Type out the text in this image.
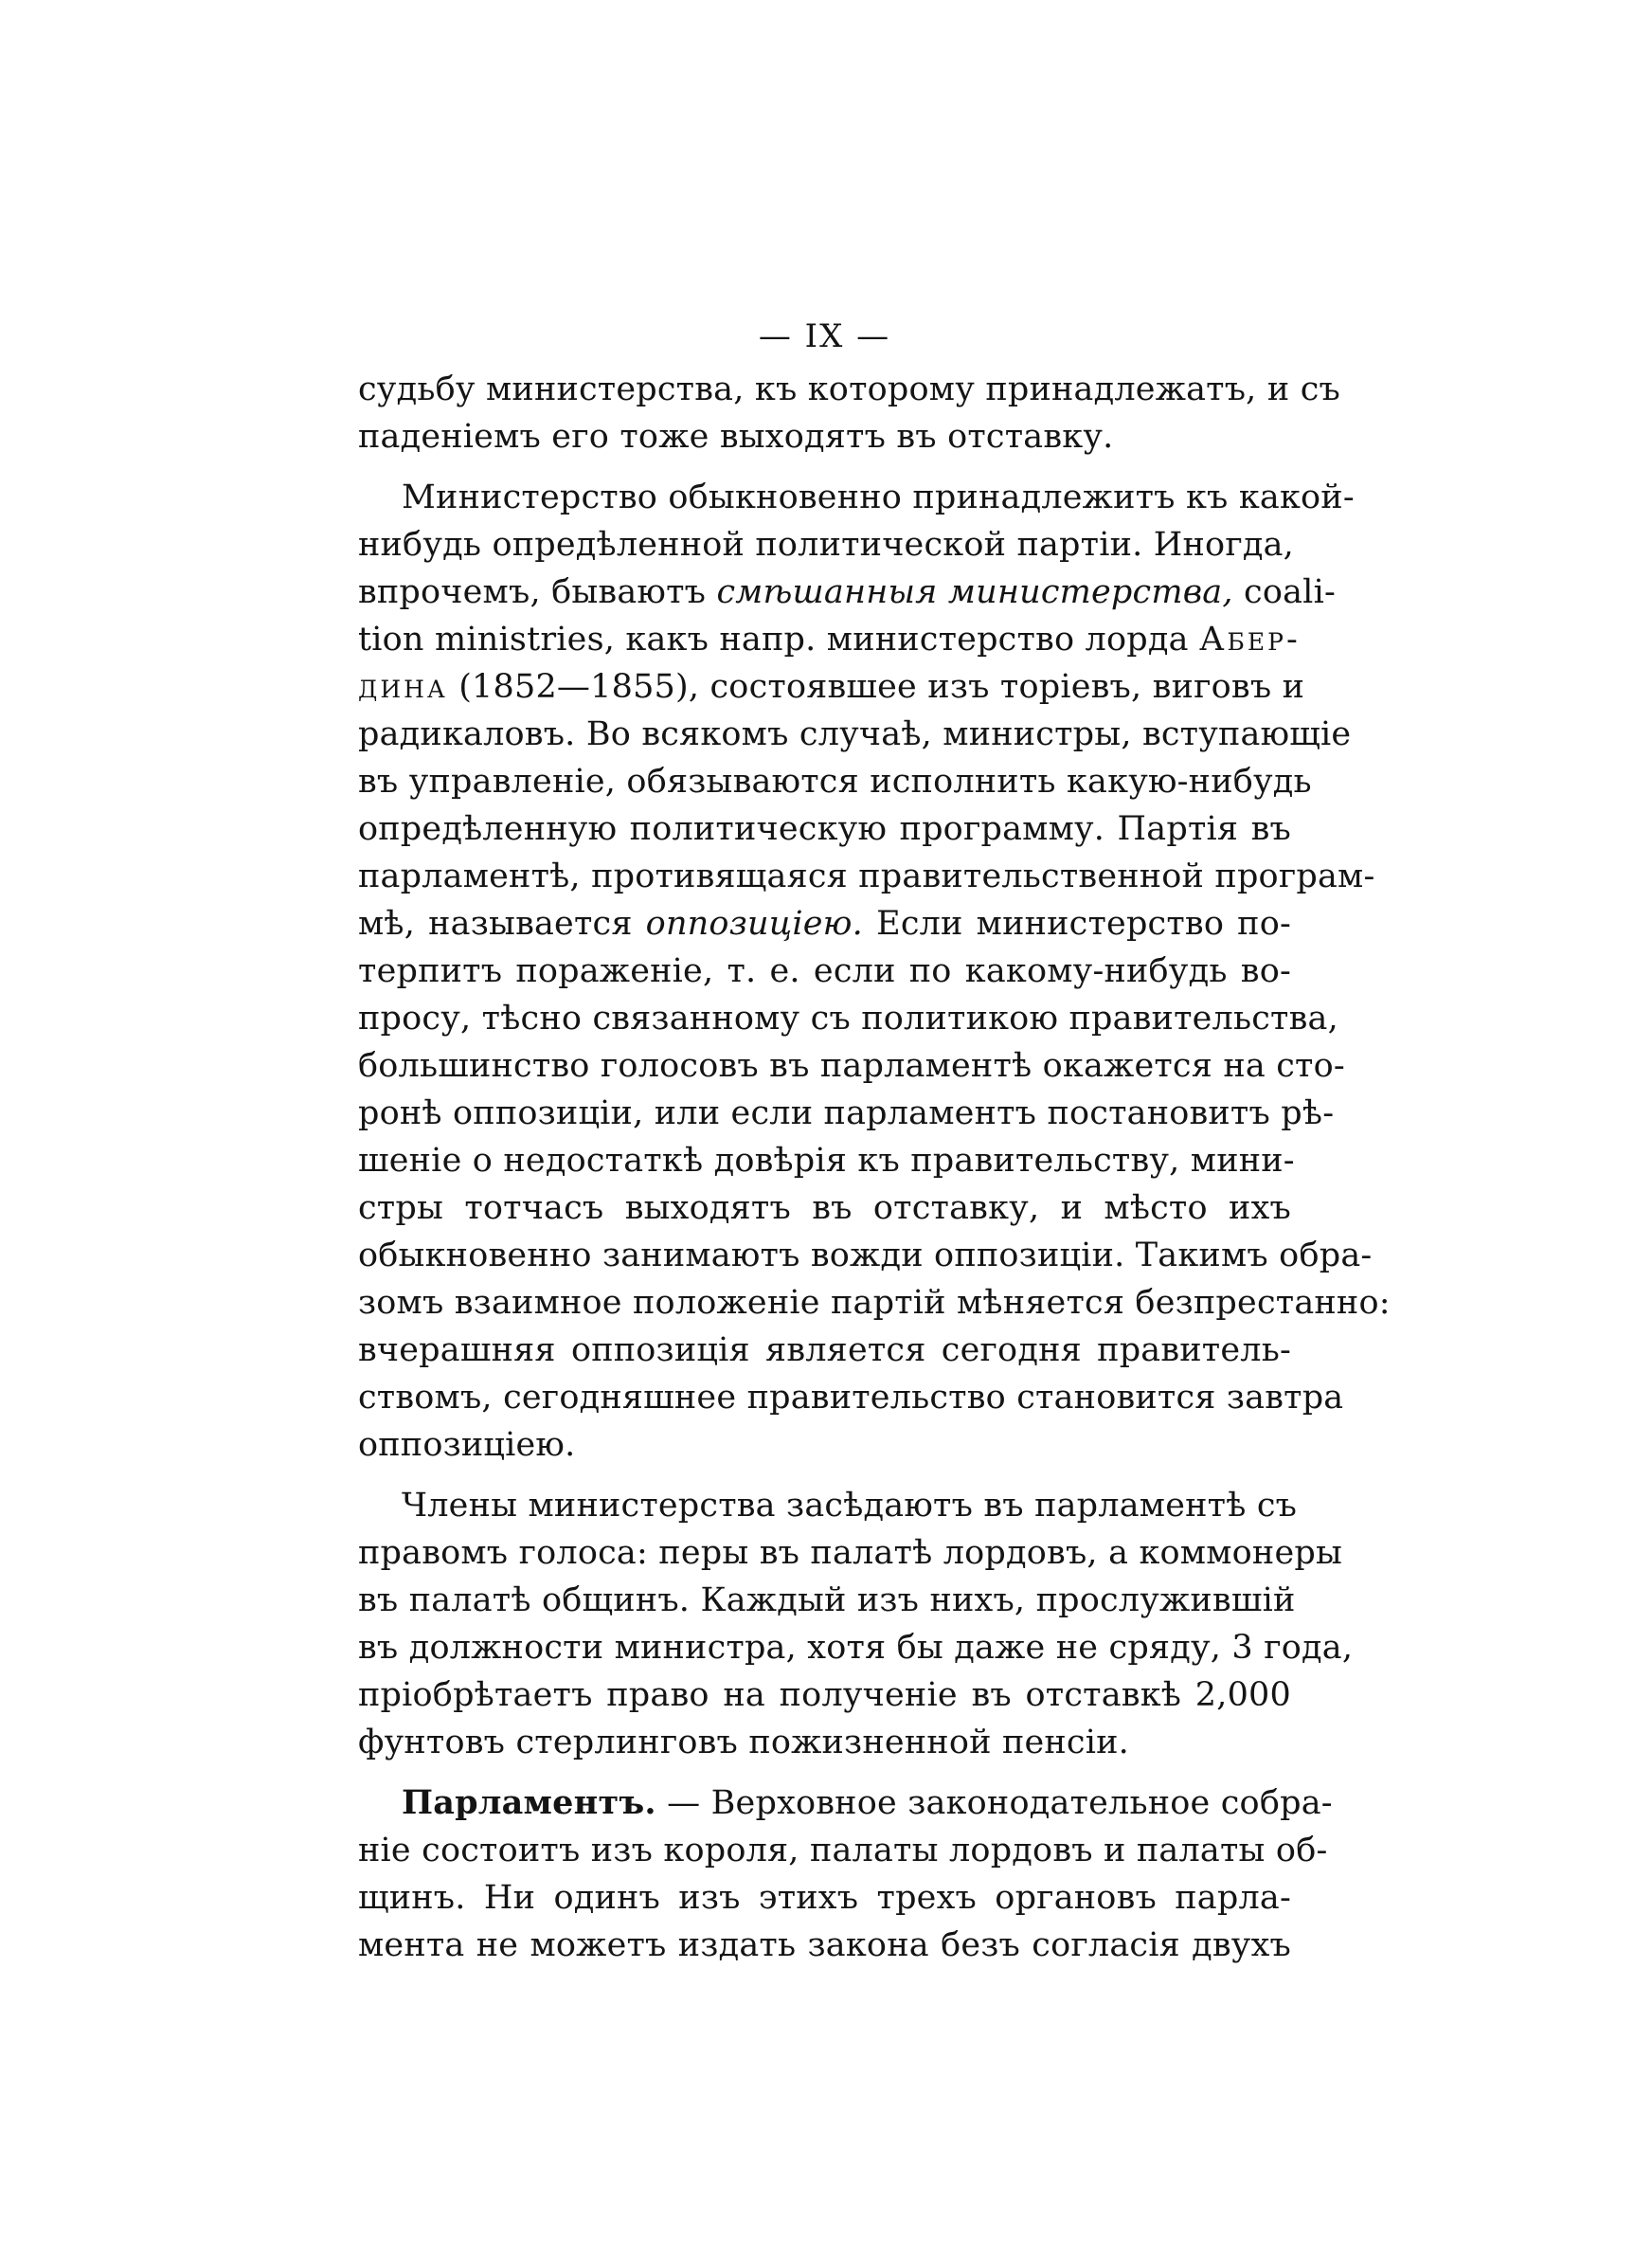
— IX —
судьбу министерства, къ которому принадлежатъ, и съ
паденіемъ его тоже выходятъ въ отставку.
Министерство обыкновенно принадлежитъ къ какой-
нибудь опредѣленной политической партіи. Иногда,
впрочемъ, бываютъ смѣшанныя министерства, coali-
tion ministries, какъ напр. министерство лорда Абер-
дина (1852—1855), состоявшее изъ торіевъ, виговъ и
радикаловъ. Во всякомъ случаѣ, министры, вступающіе
въ управленіе, обязываются исполнить какую-нибудь
опредѣленную политическую программу. Партія въ
парламентѣ, противящаяся правительственной програм-
мѣ, называется оппозиціею. Если министерство по-
терпитъ пораженіе, т. е. если по какому-нибудь во-
просу, тѣсно связанному съ политикою правительства,
большинство голосовъ въ парламентѣ окажется на сто-
ронѣ оппозиціи, или если парламентъ постановитъ рѣ-
шеніе о недостаткѣ довѣрія къ правительству, мини-
стры тотчасъ выходятъ въ отставку, и мѣсто ихъ
обыкновенно занимаютъ вожди оппозиціи. Такимъ обра-
зомъ взаимное положеніе партій мѣняется безпрестанно:
вчерашняя оппозиція является сегодня правитель-
ствомъ, сегодняшнее правительство становится завтра
оппозиціею.
Члены министерства засѣдаютъ въ парламентѣ съ
правомъ голоса: перы въ палатѣ лордовъ, а коммонеры
въ палатѣ общинъ. Каждый изъ нихъ, прослужившій
въ должности министра, хотя бы даже не сряду, 3 года,
пріобрѣтаетъ право на полученіе въ отставкѣ 2,000
фунтовъ стерлинговъ пожизненной пенсіи.
Парламентъ. — Верховное законодательное собра-
ніе состоитъ изъ короля, палаты лордовъ и палаты об-
щинъ. Ни одинъ изъ этихъ трехъ органовъ парла-
мента не можетъ издать закона безъ согласія двухъ
